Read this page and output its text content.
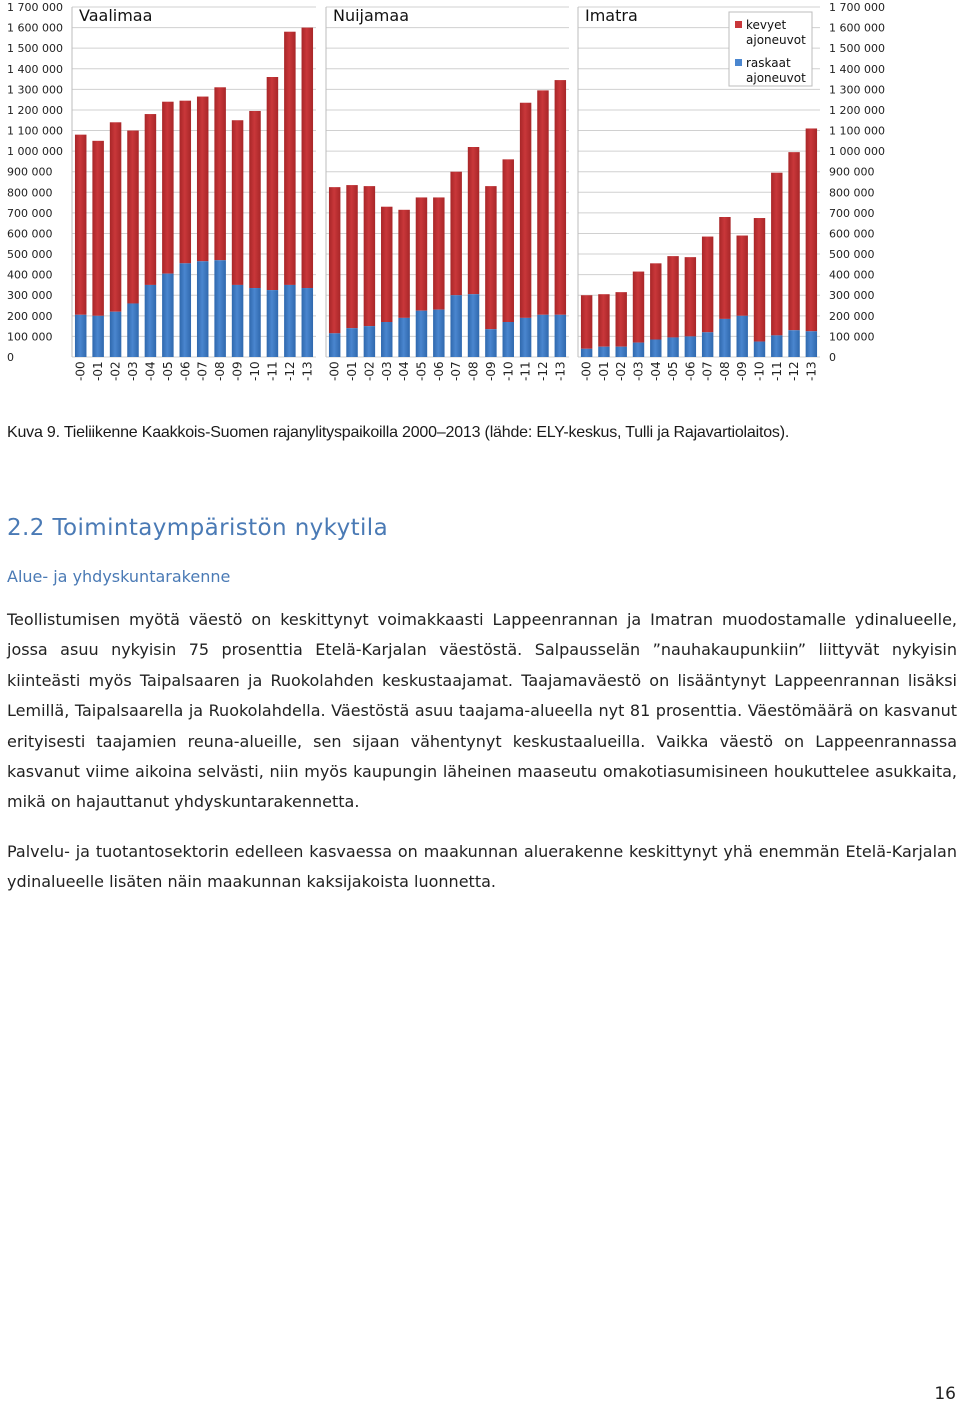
0
100 000
200 000
300 000
400 000
500 000
600 000
700 000
800 000
900 000
1 000 000
1 100 000
1 200 000
1 300 000
1 400 000
1 500 000
1 600 000
1 700 000
0
100 000
200 000
300 000
400 000
500 000
600 000
700 000
800 000
900 000
1 000 000
1 100 000
1 200 000
1 300 000
1 400 000
1 500 000
1 600 000
1 700 000
-00 -01 -02 -03 -04 -05 -06 -07 -08 -09 -10 -11 -12 -13 -00 -01 -02 -03 -04 -05 -06 -07 -08 -09 -10 -11 -12 -13 -00 -01 -02 -03 -04 -05 -06 -07 -08 -09 -10 -11 -12 -13
Vaalimaa	Nuijamaa	Imatra	kevyet
ajoneuvot
raskaat
ajoneuvot
Kuva 9. Tieliikenne Kaakkois-Suomen rajanylityspaikoilla 2000–2013 (lähde: ELY-keskus, Tulli ja Rajavartiolaitos).
2.2 Toimintaympäristön nykytila
Alue- ja yhdyskuntarakenne

Teollistumisen myötä väestö on keskittynyt voimakkaasti Lappeenrannan ja Imatran muodostamalle ydinalueelle, jossa asuu nykyisin 75 prosenttia Etelä-Karjalan väestöstä. Salpausselän ”nauhakaupunkiin” liittyvät nykyisin kiinteästi myös Taipalsaaren ja Ruokolahden keskustaajamat. Taajamaväestö on lisääntynyt Lappeenrannan lisäksi Lemillä, Taipalsaarella ja Ruokolahdella. Väestöstä asuu taajama-alueella nyt 81 prosenttia. Väestömäärä on kasvanut erityisesti taajamien reuna-alueille, sen sijaan vähentynyt keskustaalueilla. Vaikka väestö on Lappeenrannassa kasvanut viime aikoina selvästi, niin myös kaupungin läheinen maaseutu omakotiasumisineen houkuttelee asukkaita, mikä on hajauttanut yhdyskuntarakennetta.

Palvelu- ja tuotantosektorin edelleen kasvaessa on maakunnan aluerakenne keskittynyt yhä enemmän Etelä-Karjalan ydinalueelle lisäten näin maakunnan kaksijakoista luonnetta.

16
